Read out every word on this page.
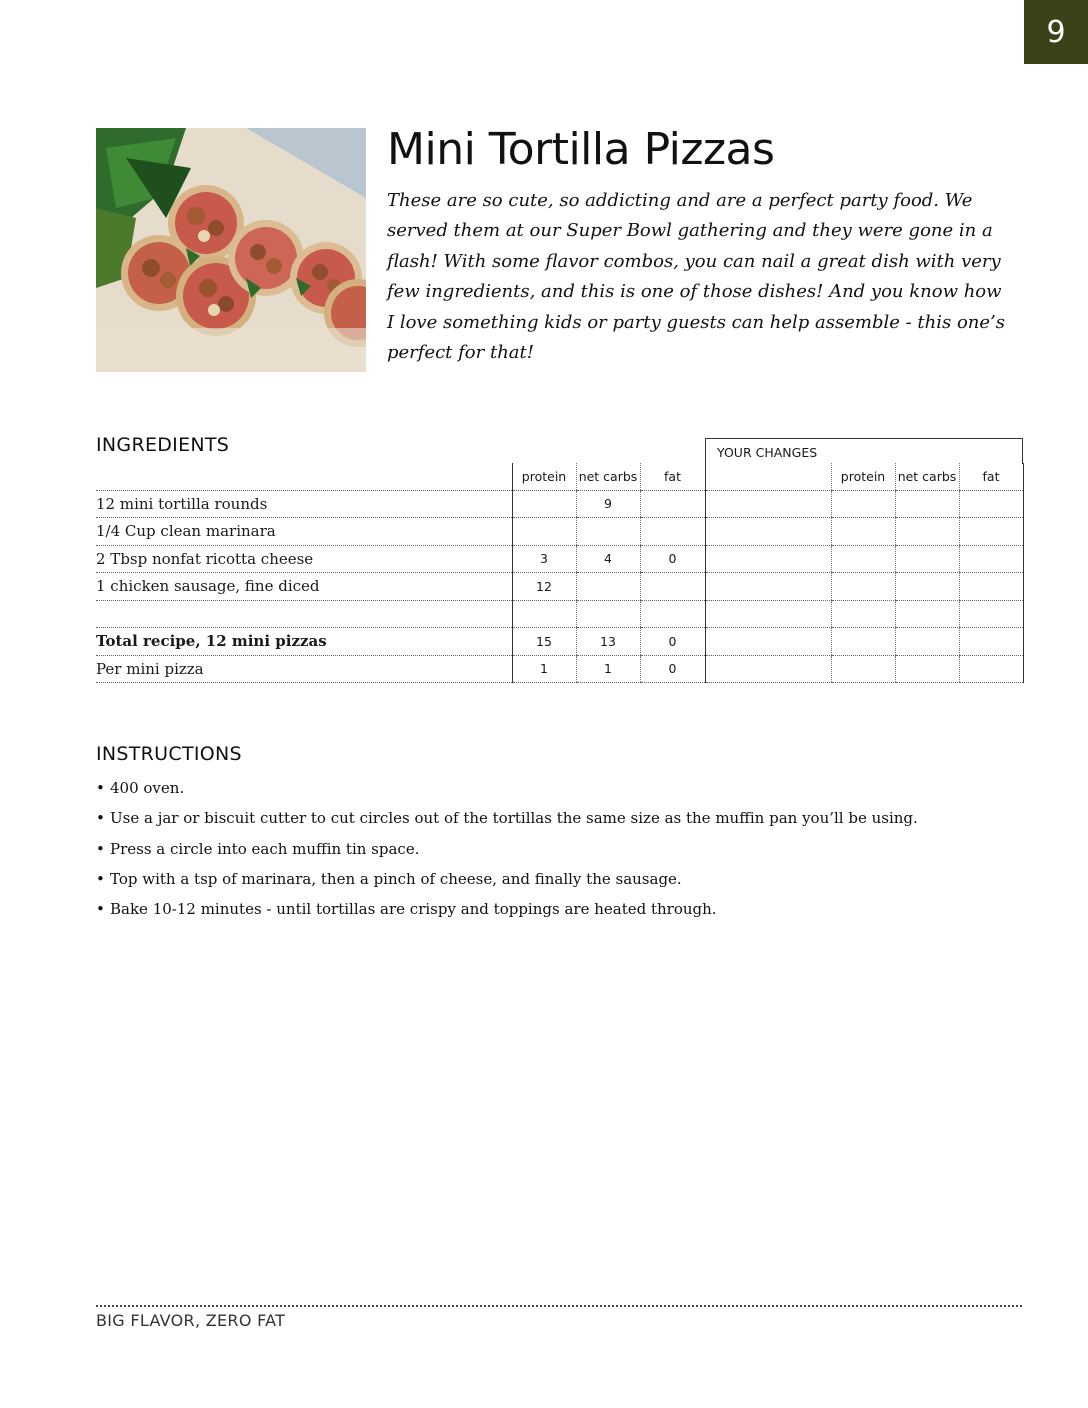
9
Mini Tortilla Pizzas

These are so cute, so addicting and are a perfect party food. We served them at our Super Bowl gathering and they were gone in a flash! With some flavor combos, you can nail a great dish with very few ingredients, and this is one of those dishes! And you know how I love something kids or party guests can help assemble - this one’s perfect for that!

INGREDIENTS	YOUR CHANGES
	protein	net carbs	fat		protein	net carbs	fat
12 mini tortilla rounds		9					
1/4 Cup clean marinara							
2 Tbsp nonfat ricotta cheese	3	4	0				
1 chicken sausage, fine diced	12						

Total recipe, 12 mini pizzas	15	13	0				
Per mini pizza	1	1	0				
INSTRUCTIONS
• 400 oven.
• Use a jar or biscuit cutter to cut circles out of the tortillas the same size as the muffin pan you’ll be using.
• Press a circle into each muffin tin space.
• Top with a tsp of marinara, then a pinch of cheese, and finally the sausage.
• Bake 10-12 minutes - until tortillas are crispy and toppings are heated through.

BIG FLAVOR, ZERO FAT
